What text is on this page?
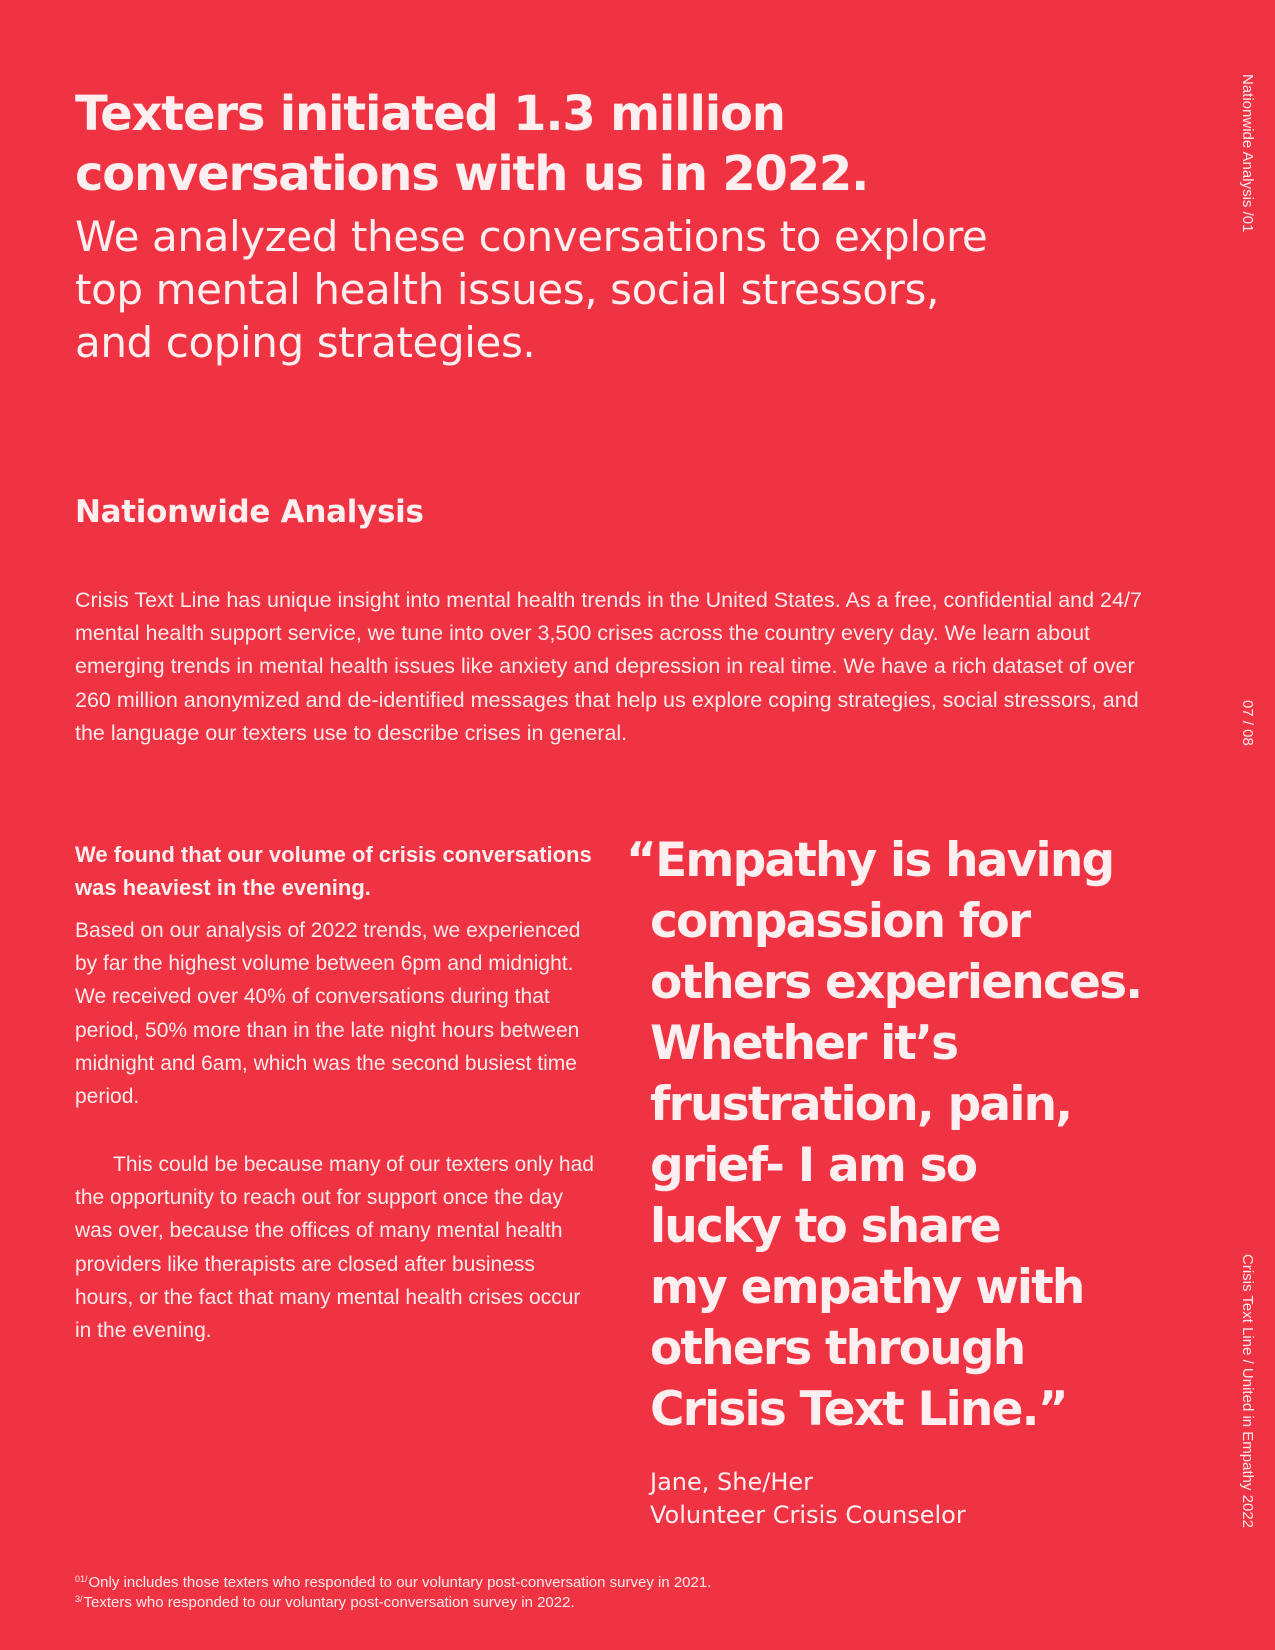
Texters initiated 1.3 million
conversations with us in 2022.

We analyzed these conversations to explore
top mental health issues, social stressors,
and coping strategies.

Nationwide Analysis

Crisis Text Line has unique insight into mental health trends in the United States. As a free, confidential and 24/7 mental health support service, we tune into over 3,500 crises across the country every day. We learn about emerging trends in mental health issues like anxiety and depression in real time. We have a rich dataset of over 260 million anonymized and de-identified messages that help us explore coping strategies, social stressors, and the language our texters use to describe crises in general.

We found that our volume of crisis conversations was heaviest in the evening.

Based on our analysis of 2022 trends, we experienced by far the highest volume between 6pm and midnight. We received over 40% of conversations during that period, 50% more than in the late night hours between midnight and 6am, which was the second busiest time period.

This could be because many of our texters only had the opportunity to reach out for support once the day was over, because the offices of many mental health providers like therapists are closed after business hours, or the fact that many mental health crises occur in the evening.

“Empathy is having
compassion for
others experiences.
Whether it’s
frustration, pain,
grief- I am so
lucky to share
my empathy with
others through
Crisis Text Line.”

Jane, She/Her
Volunteer Crisis Counselor

$^{01/}$Only includes those texters who responded to our voluntary post-conversation survey in 2021.
$^{3/}$Texters who responded to our voluntary post-conversation survey in 2022.
Nationwide Analysis /01
07 / 08
Crisis Text Line / United in Empathy 2022
